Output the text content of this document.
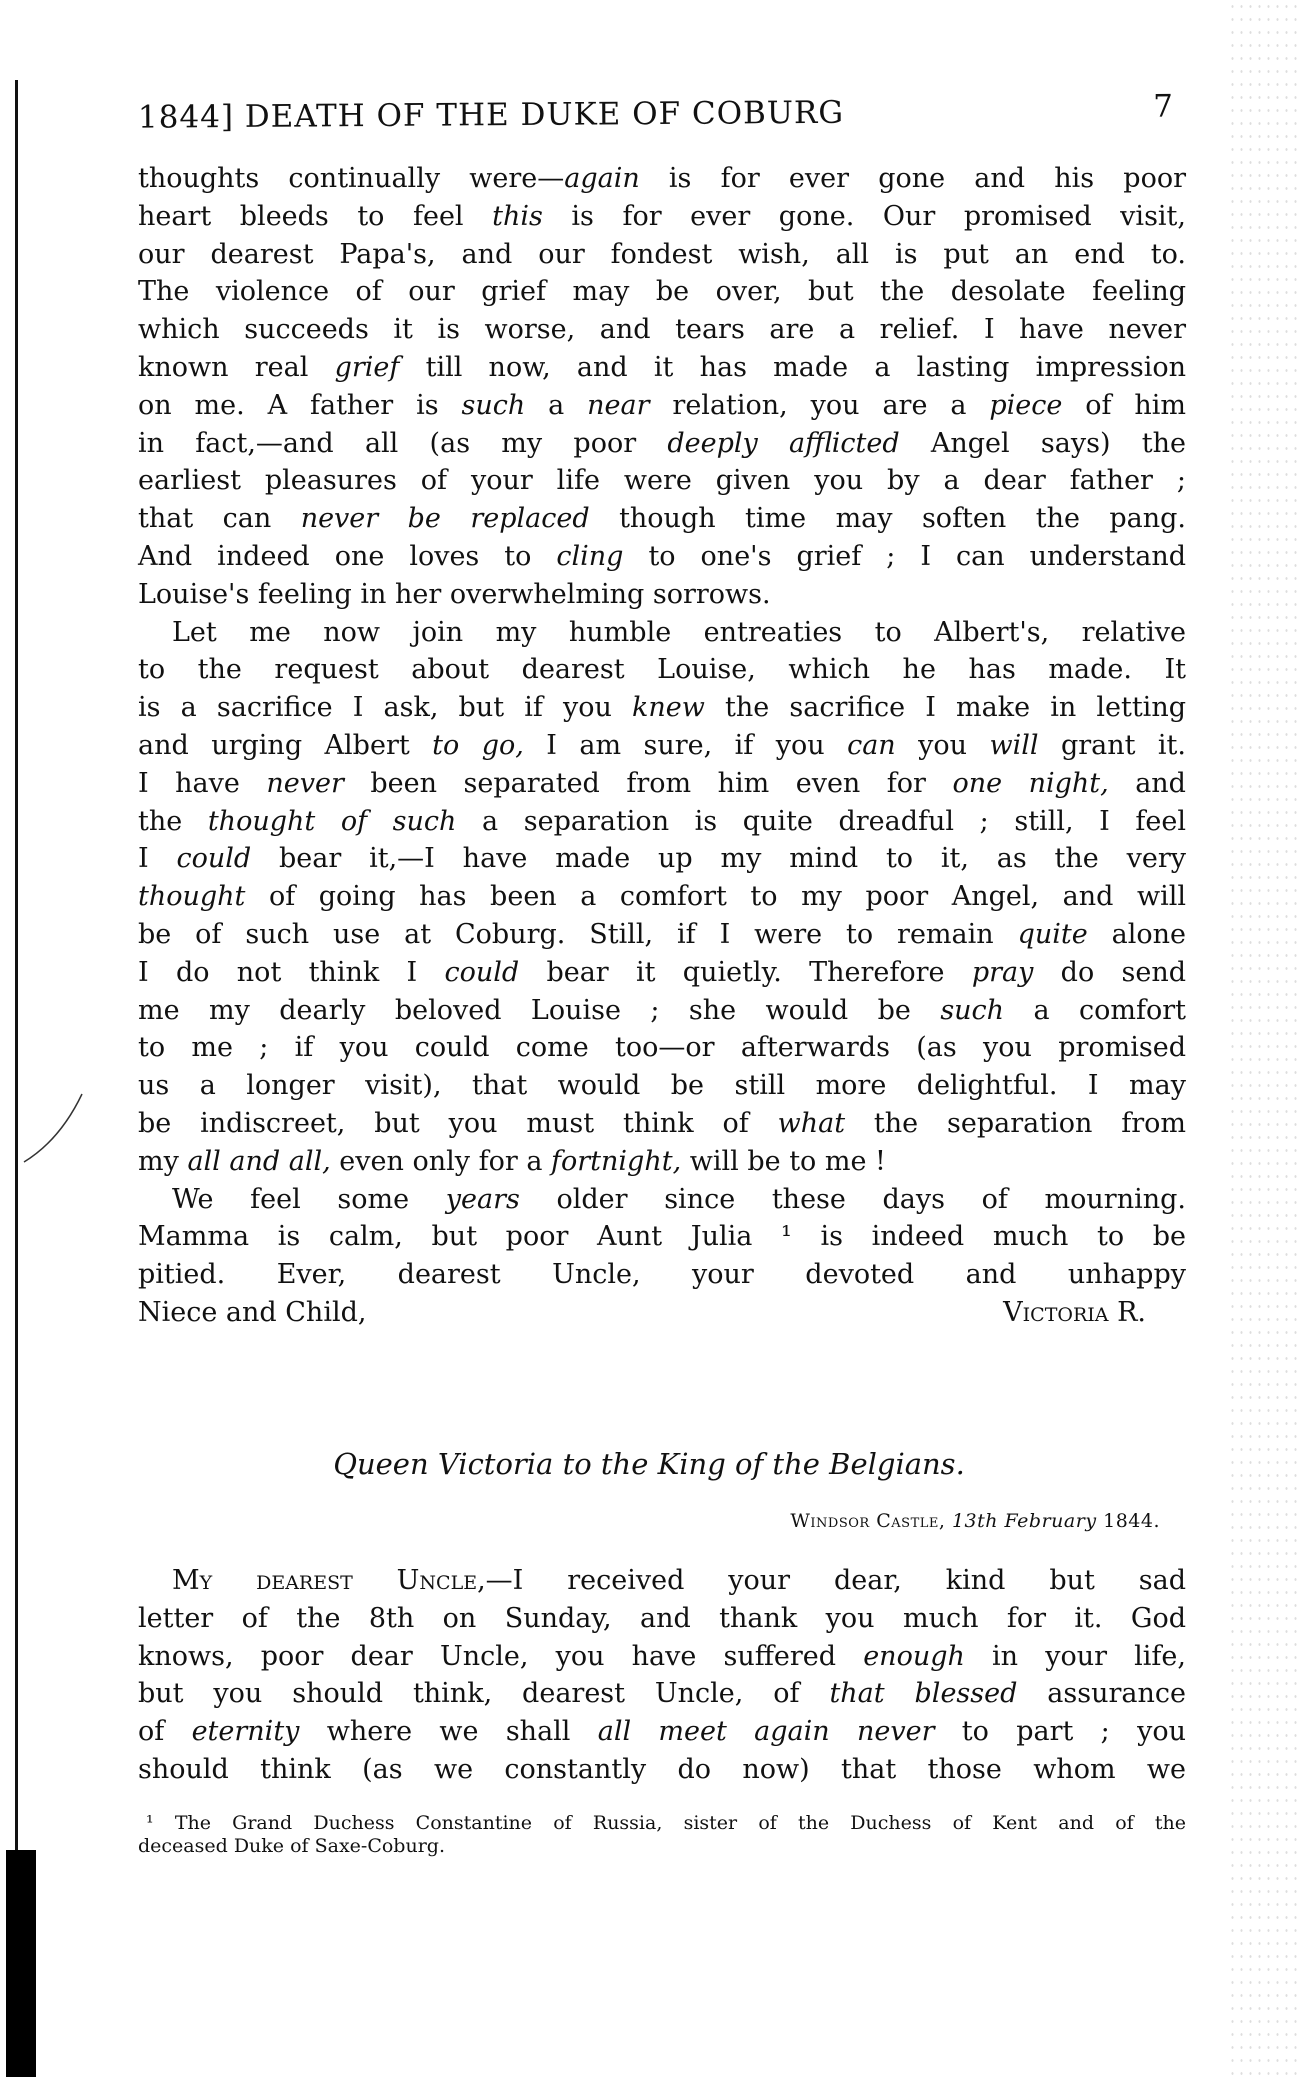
1844] DEATH OF THE DUKE OF COBURG	7
thoughts continually were—again is for ever gone and his poor
heart bleeds to feel this is for ever gone. Our promised visit,
our dearest Papa's, and our fondest wish, all is put an end to.
The violence of our grief may be over, but the desolate feeling
which succeeds it is worse, and tears are a relief. I have never
known real grief till now, and it has made a lasting impression
on me. A father is such a near relation, you are a piece of him
in fact,—and all (as my poor deeply afflicted Angel says) the
earliest pleasures of your life were given you by a dear father ;
that can never be replaced though time may soften the pang.
And indeed one loves to cling to one's grief ; I can understand
Louise's feeling in her overwhelming sorrows.
Let me now join my humble entreaties to Albert's, relative
to the request about dearest Louise, which he has made. It
is a sacrifice I ask, but if you knew the sacrifice I make in letting
and urging Albert to go, I am sure, if you can you will grant it.
I have never been separated from him even for one night, and
the thought of such a separation is quite dreadful ; still, I feel
I could bear it,—I have made up my mind to it, as the very
thought of going has been a comfort to my poor Angel, and will
be of such use at Coburg. Still, if I were to remain quite alone
I do not think I could bear it quietly. Therefore pray do send
me my dearly beloved Louise ; she would be such a comfort
to me ; if you could come too—or afterwards (as you promised
us a longer visit), that would be still more delightful. I may
be indiscreet, but you must think of what the separation from
my all and all, even only for a fortnight, will be to me !
We feel some years older since these days of mourning.
Mamma is calm, but poor Aunt Julia ¹ is indeed much to be
pitied. Ever, dearest Uncle, your devoted and unhappy
Niece and Child,	Victoria R.
Queen Victoria to the King of the Belgians.
Windsor Castle, 13th February 1844.
My dearest Uncle,—I received your dear, kind but sad
letter of the 8th on Sunday, and thank you much for it. God
knows, poor dear Uncle, you have suffered enough in your life,
but you should think, dearest Uncle, of that blessed assurance
of eternity where we shall all meet again never to part ; you
should think (as we constantly do now) that those whom we
¹ The Grand Duchess Constantine of Russia, sister of the Duchess of Kent and of the
deceased Duke of Saxe-Coburg.
